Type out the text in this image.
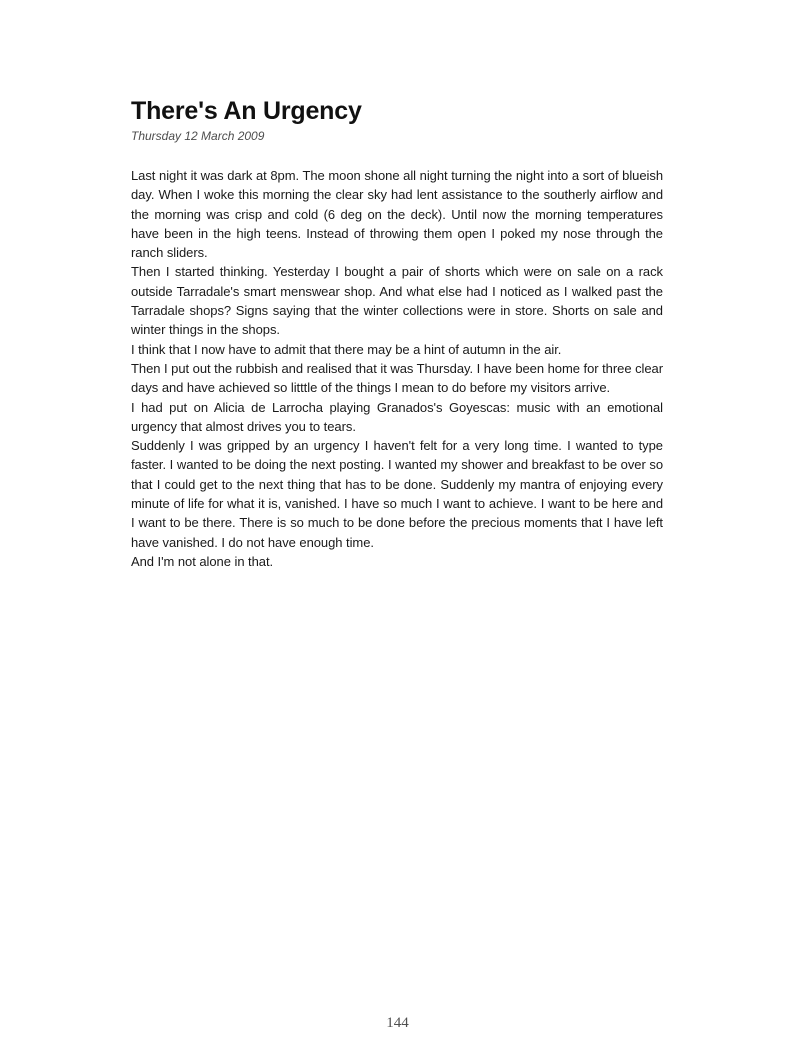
There's An Urgency
Thursday 12 March 2009

Last night it was dark at 8pm. The moon shone all night turning the night into a sort of blueish day. When I woke this morning the clear sky had lent assistance to the southerly airflow and the morning was crisp and cold (6 deg on the deck). Until now the morning temperatures have been in the high teens. Instead of throwing them open I poked my nose through the ranch sliders.

Then I started thinking. Yesterday I bought a pair of shorts which were on sale on a rack outside Tarradale's smart menswear shop. And what else had I noticed as I walked past the Tarradale shops? Signs saying that the winter collections were in store. Shorts on sale and winter things in the shops.

I think that I now have to admit that there may be a hint of autumn in the air.

Then I put out the rubbish and realised that it was Thursday. I have been home for three clear days and have achieved so litttle of the things I mean to do before my visitors arrive.

I had put on Alicia de Larrocha playing Granados's Goyescas: music with an emotional urgency that almost drives you to tears.

Suddenly I was gripped by an urgency I haven't felt for a very long time. I wanted to type faster. I wanted to be doing the next posting. I wanted my shower and breakfast to be over so that I could get to the next thing that has to be done. Suddenly my mantra of enjoying every minute of life for what it is, vanished. I have so much I want to achieve. I want to be here and I want to be there. There is so much to be done before the precious moments that I have left have vanished. I do not have enough time.

And I'm not alone in that.

144
